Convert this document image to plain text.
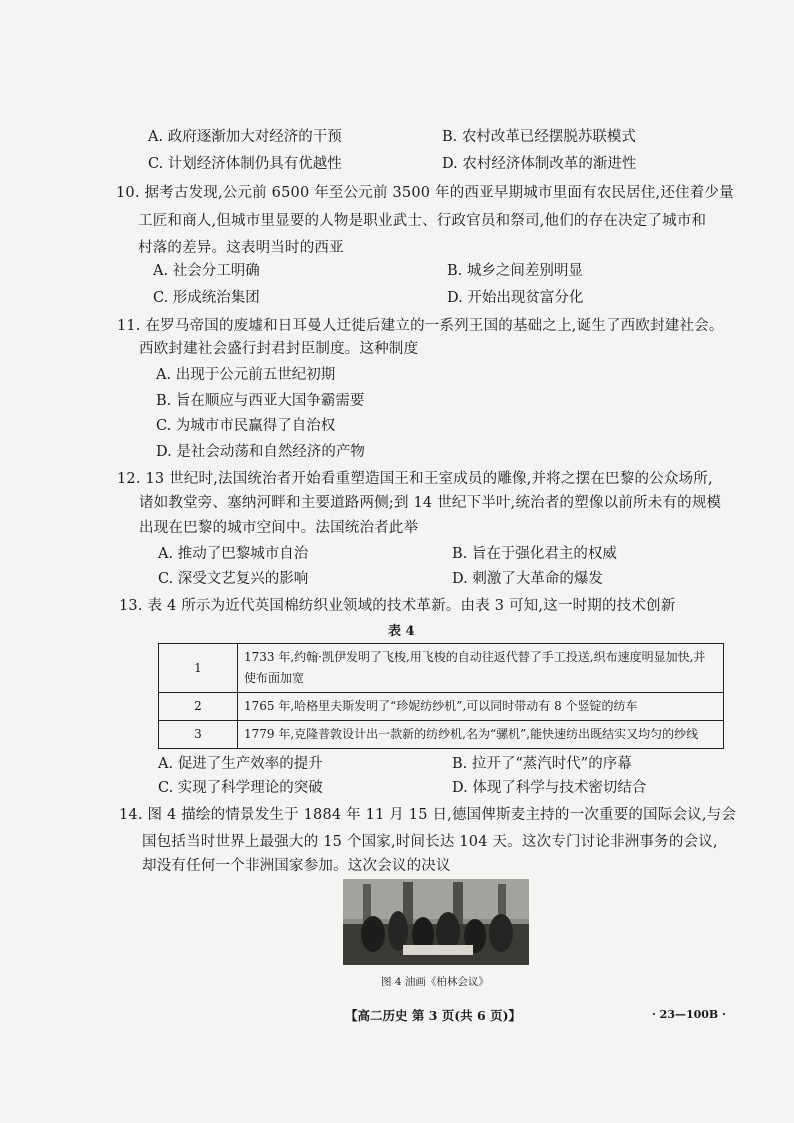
A. 政府逐渐加大对经济的干预	B. 农村改革已经摆脱苏联模式
C. 计划经济体制仍具有优越性	D. 农村经济体制改革的渐进性
10. 据考古发现,公元前 6500 年至公元前 3500 年的西亚早期城市里面有农民居住,还住着少量
工匠和商人,但城市里显要的人物是职业武士、行政官员和祭司,他们的存在决定了城市和
村落的差异。这表明当时的西亚
A. 社会分工明确	B. 城乡之间差别明显
C. 形成统治集团	D. 开始出现贫富分化
11. 在罗马帝国的废墟和日耳曼人迁徙后建立的一系列王国的基础之上,诞生了西欧封建社会。
西欧封建社会盛行封君封臣制度。这种制度
A. 出现于公元前五世纪初期
B. 旨在顺应与西亚大国争霸需要
C. 为城市市民赢得了自治权
D. 是社会动荡和自然经济的产物
12. 13 世纪时,法国统治者开始看重塑造国王和王室成员的雕像,并将之摆在巴黎的公众场所,
诸如教堂旁、塞纳河畔和主要道路两侧;到 14 世纪下半叶,统治者的塑像以前所未有的规模
出现在巴黎的城市空间中。法国统治者此举
A. 推动了巴黎城市自治	B. 旨在于强化君主的权威
C. 深受文艺复兴的影响	D. 刺激了大革命的爆发
13. 表 4 所示为近代英国棉纺织业领域的技术革新。由表 3 可知,这一时期的技术创新
表 4
1	1733 年,约翰·凯伊发明了飞梭,用飞梭的自动往返代替了手工投送,织布速度明显加快,并使布面加宽
2	1765 年,哈格里夫斯发明了“珍妮纺纱机”,可以同时带动有 8 个竖锭的纺车
3	1779 年,克隆普敦设计出一款新的纺纱机,名为“骡机”,能快速纺出既结实又均匀的纱线
A. 促进了生产效率的提升	B. 拉开了“蒸汽时代”的序幕
C. 实现了科学理论的突破	D. 体现了科学与技术密切结合
14. 图 4 描绘的情景发生于 1884 年 11 月 15 日,德国俾斯麦主持的一次重要的国际会议,与会
国包括当时世界上最强大的 15 个国家,时间长达 104 天。这次专门讨论非洲事务的会议,
却没有任何一个非洲国家参加。这次会议的决议
图 4 油画《柏林会议》
【高二历史 第 3 页(共 6 页)】	· 23—100B ·
